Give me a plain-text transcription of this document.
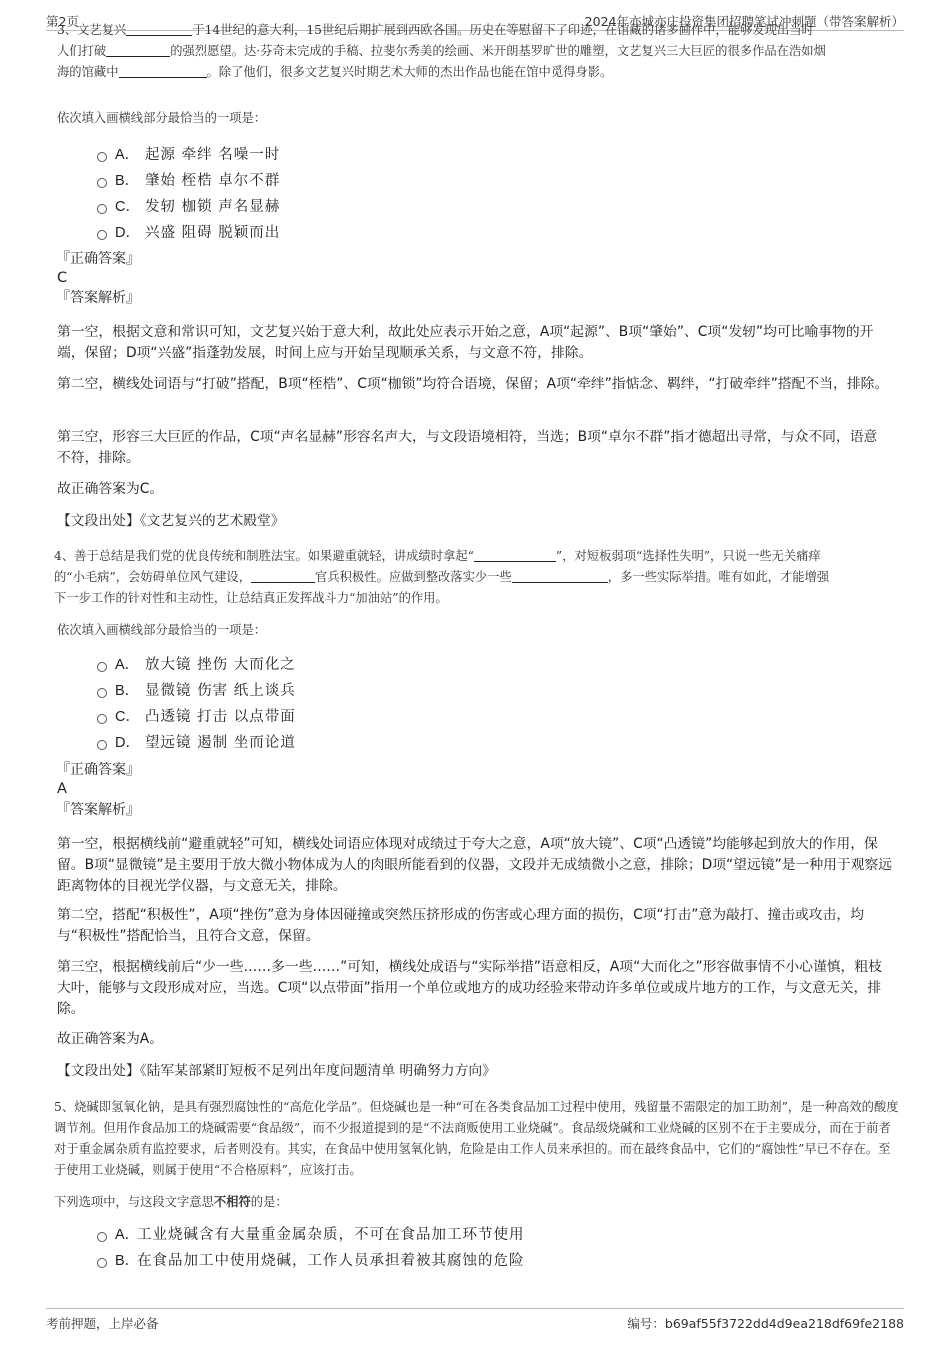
第2页	2024年亦城亦庄投资集团招聘笔试冲刺题（带答案解析）

3、文艺复兴	于14世纪的意大利，15世纪后期扩展到西欧各国。历史在等慰留下了印迹，在馆藏的诸多画作中，能够发现出当时

人们打破	的强烈愿望。达·芬奇未完成的手稿、拉斐尔秀美的绘画、米开朗基罗旷世的雕塑，文艺复兴三大巨匠的很多作品在浩如烟

海的馆藏中	。除了他们，很多文艺复兴时期艺术大师的杰出作品也能在馆中觅得身影。

依次填入画横线部分最恰当的一项是：

A． 起源 牵绊 名噪一时
B． 肇始 桎梏 卓尔不群
C． 发轫 枷锁 声名显赫
D． 兴盛 阻碍 脱颖而出

『正确答案』

C

『答案解析』

第一空，根据文意和常识可知，文艺复兴始于意大利，故此处应表示开始之意，A项“起源”、B项“肇始”、C项“发轫”均可比喻事物的开端，保留；D项“兴盛”指蓬勃发展，时间上应与开始呈现顺承关系，与文意不符，排除。

第二空，横线处词语与“打破”搭配，B项“桎梏”、C项“枷锁”均符合语境，保留；A项“牵绊”指惦念、羁绊，“打破牵绊”搭配不当，排除。

第三空，形容三大巨匠的作品，C项“声名显赫”形容名声大，与文段语境相符，当选；B项“卓尔不群”指才德超出寻常，与众不同，语意不符，排除。

故正确答案为C。

【文段出处】《文艺复兴的艺术殿堂》

4、善于总结是我们党的优良传统和制胜法宝。如果避重就轻，讲成绩时拿起“	”，对短板弱项“选择性失明”，只说一些无关痛痒

的“小毛病”，会妨碍单位风气建设，	官兵积极性。应做到整改落实少一些	，多一些实际举措。唯有如此，才能增强

下一步工作的针对性和主动性，让总结真正发挥战斗力“加油站”的作用。

依次填入画横线部分最恰当的一项是：

A． 放大镜 挫伤 大而化之
B． 显微镜 伤害 纸上谈兵
C． 凸透镜 打击 以点带面
D． 望远镜 遏制 坐而论道

『正确答案』

A

『答案解析』

第一空，根据横线前“避重就轻”可知，横线处词语应体现对成绩过于夸大之意，A项“放大镜”、C项“凸透镜”均能够起到放大的作用，保留。B项“显微镜”是主要用于放大微小物体成为人的肉眼所能看到的仪器，文段并无成绩微小之意，排除；D项“望远镜”是一种用于观察远距离物体的目视光学仪器，与文意无关，排除。

第二空，搭配“积极性”，A项“挫伤”意为身体因碰撞或突然压挤形成的伤害或心理方面的损伤，C项“打击”意为敲打、撞击或攻击，均与“积极性”搭配恰当，且符合文意，保留。

第三空，根据横线前后“少一些……多一些……”可知，横线处成语与“实际举措”语意相反，A项“大而化之”形容做事情不小心谨慎，粗枝大叶，能够与文段形成对应，当选。C项“以点带面”指用一个单位或地方的成功经验来带动许多单位或成片地方的工作，与文意无关，排除。

故正确答案为A。

【文段出处】《陆军某部紧盯短板不足列出年度问题清单 明确努力方向》

5、烧碱即氢氧化钠，是具有强烈腐蚀性的“高危化学品”。但烧碱也是一种“可在各类食品加工过程中使用，残留量不需限定的加工助剂”，是一种高效的酸度调节剂。但用作食品加工的烧碱需要“食品级”，而不少报道提到的是“不法商贩使用工业烧碱”。食品级烧碱和工业烧碱的区别不在于主要成分，而在于前者对于重金属杂质有监控要求，后者则没有。其实，在食品中使用氢氧化钠，危险是由工作人员来承担的。而在最终食品中，它们的“腐蚀性”早已不存在。至于使用工业烧碱，则属于使用“不合格原料”，应该打击。

下列选项中，与这段文字意思不相符的是：

A．
工业烧碱含有大量重金属杂质，不可在食品加工环节使用
B．
在食品加工中使用烧碱，工作人员承担着被其腐蚀的危险
考前押题，上岸必备	编号：b69af55f3722dd4d9ea218df69fe2188
